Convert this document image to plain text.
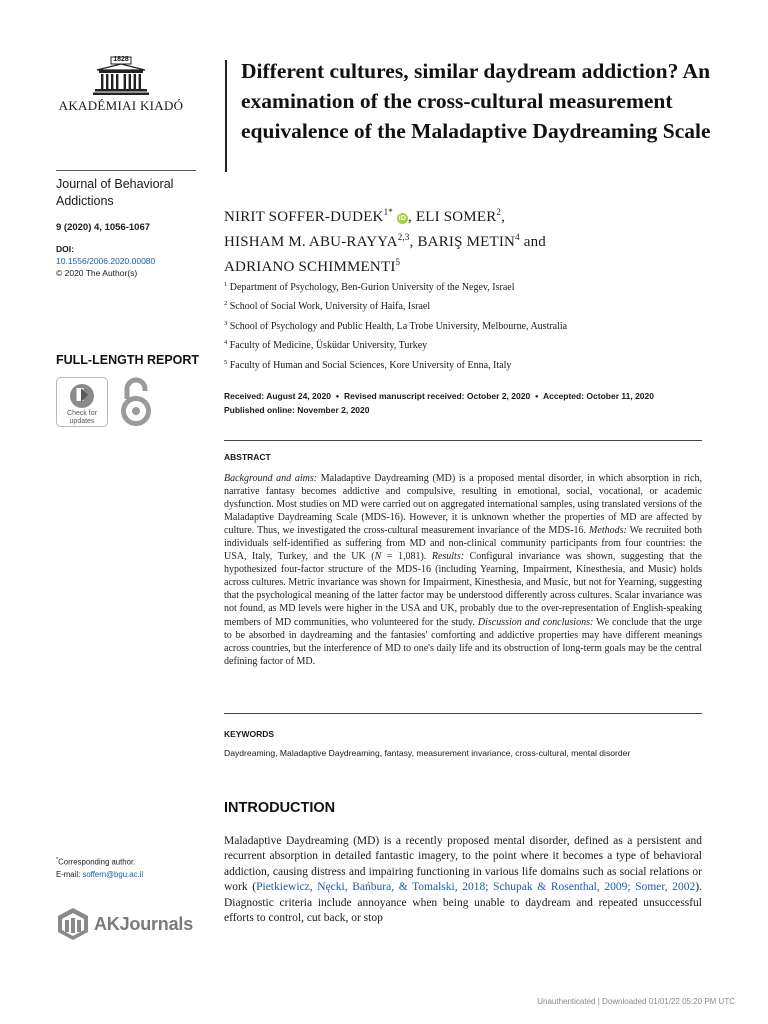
1828
AKADÉMIAI KIADÓ
Different cultures, similar daydream addiction? An examination of the cross-cultural measurement equivalence of the Maladaptive Daydreaming Scale
Journal of Behavioral Addictions
9 (2020) 4, 1056-1067
DOI:
10.1556/2006.2020.00080
© 2020 The Author(s)
FULL-LENGTH REPORT
Check for updates
NIRIT SOFFER-$DUDEK^{1*}$ iD , ELI SOMER$^2$,
HISHAM M. ABU-RAYYA$^{2,3}$, BARIŞ METIN$^4$ and
ADRIANO SCHIMMENTI$^5$
$^1$ Department of Psychology, Ben-Gurion University of the Negev, Israel
$^2$ School of Social Work, University of Haifa, Israel
$^3$ School of Psychology and Public Health, La Trobe University, Melbourne, Australia
$^4$ Faculty of Medicine, Üsküdar University, Turkey
$^5$ Faculty of Human and Social Sciences, Kore University of Enna, Italy
Received: August 24, 2020 ● Revised manuscript received: October 2, 2020 ● Accepted: October 11, 2020
Published online: November 2, 2020
ABSTRACT

Background and aims: Maladaptive Daydreaming (MD) is a proposed mental disorder, in which absorption in rich, narrative fantasy becomes addictive and compulsive, resulting in emotional, social, vocational, or academic dysfunction. Most studies on MD were carried out on aggregated international samples, using translated versions of the Maladaptive Daydreaming Scale (MDS-16). However, it is unknown whether the properties of MD are affected by culture. Thus, we investigated the cross-cultural measurement invariance of the MDS-16. Methods: We recruited both individuals self-identified as suffering from MD and non-clinical community participants from four countries: the USA, Italy, Turkey, and the UK (N = 1,081). Results: Configural invariance was shown, suggesting that the hypothesized four-factor structure of the MDS-16 (including Yearning, Impairment, Kinesthesia, and Music) holds across cultures. Metric invariance was shown for Impairment, Kinesthesia, and Music, but not for Yearning, suggesting that the psychological meaning of the latter factor may be understood differently across cultures. Scalar invariance was not found, as MD levels were higher in the USA and UK, probably due to the over-representation of English-speaking members of MD communities, who volunteered for the study. Discussion and conclusions: We conclude that the urge to be absorbed in daydreaming and the fantasies' comforting and addictive properties may have different meanings across countries, but the interference of MD to one's daily life and its obstruction of long-term goals may be the central defining factor of MD.

KEYWORDS
Daydreaming, Maladaptive Daydreaming, fantasy, measurement invariance, cross-cultural, mental disorder
INTRODUCTION

Maladaptive Daydreaming (MD) is a recently proposed mental disorder, defined as a persistent and recurrent absorption in detailed fantastic imagery, to the point where it becomes a type of behavioral addiction, causing distress and impairing functioning in various life domains such as social relations or work (Pietkiewicz, Nęcki, Bańbura, & Tomalski, 2018; Schupak & Rosenthal, 2009; Somer, 2002). Diagnostic criteria include annoyance when being unable to daydream and repeated unsuccessful efforts to control, cut back, or stop

*Corresponding author.
E-mail: soffern@bgu.ac.il
AKJournals
Unauthenticated | Downloaded 01/01/22 05:20 PM UTC
